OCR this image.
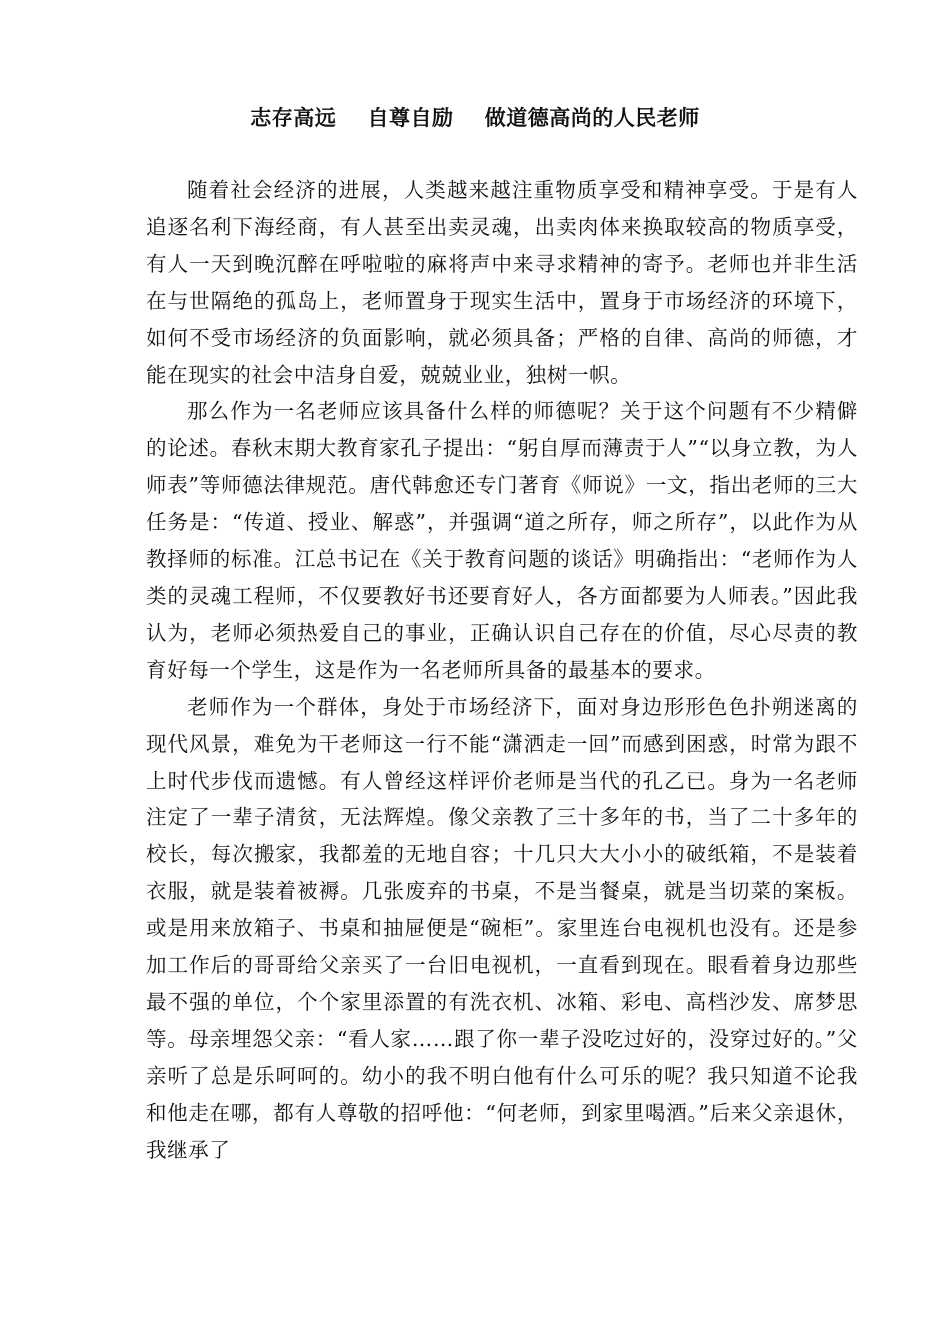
志存高远    自尊自励    做道德高尚的人民老师

随着社会经济的进展，人类越来越注重物质享受和精神享受。于是有人追逐名利下海经商，有人甚至出卖灵魂，出卖肉体来换取较高的物质享受，有人一天到晚沉醉在呼啦啦的麻将声中来寻求精神的寄予。老师也并非生活在与世隔绝的孤岛上，老师置身于现实生活中，置身于市场经济的环境下，如何不受市场经济的负面影响，就必须具备；严格的自律、高尚的师德，才能在现实的社会中洁身自爱，兢兢业业，独树一帜。

那么作为一名老师应该具备什么样的师德呢？关于这个问题有不少精僻的论述。春秋末期大教育家孔子提出：“躬自厚而薄责于人”“以身立教，为人师表”等师德法律规范。唐代韩愈还专门著育《师说》一文，指出老师的三大任务是：“传道、授业、解惑”，并强调“道之所存，师之所存”，以此作为从教择师的标准。江总书记在《关于教育问题的谈话》明确指出：“老师作为人类的灵魂工程师，不仅要教好书还要育好人，各方面都要为人师表。”因此我认为，老师必须热爱自己的事业，正确认识自己存在的价值，尽心尽责的教育好每一个学生，这是作为一名老师所具备的最基本的要求。

老师作为一个群体，身处于市场经济下，面对身边形形色色扑朔迷离的现代风景，难免为干老师这一行不能“潇洒走一回”而感到困惑，时常为跟不上时代步伐而遗憾。有人曾经这样评价老师是当代的孔乙已。身为一名老师注定了一辈子清贫，无法辉煌。像父亲教了三十多年的书，当了二十多年的校长，每次搬家，我都羞的无地自容；十几只大大小小的破纸箱，不是装着衣服，就是装着被褥。几张废弃的书桌，不是当餐桌，就是当切菜的案板。或是用来放箱子、书桌和抽屉便是“碗柜”。家里连台电视机也没有。还是参加工作后的哥哥给父亲买了一台旧电视机，一直看到现在。眼看着身边那些最不强的单位，个个家里添置的有洗衣机、冰箱、彩电、高档沙发、席梦思等。母亲埋怨父亲：“看人家……跟了你一辈子没吃过好的，没穿过好的。”父亲听了总是乐呵呵的。幼小的我不明白他有什么可乐的呢？我只知道不论我和他走在哪，都有人尊敬的招呼他：“何老师，到家里喝酒。”后来父亲退休，我继承了
